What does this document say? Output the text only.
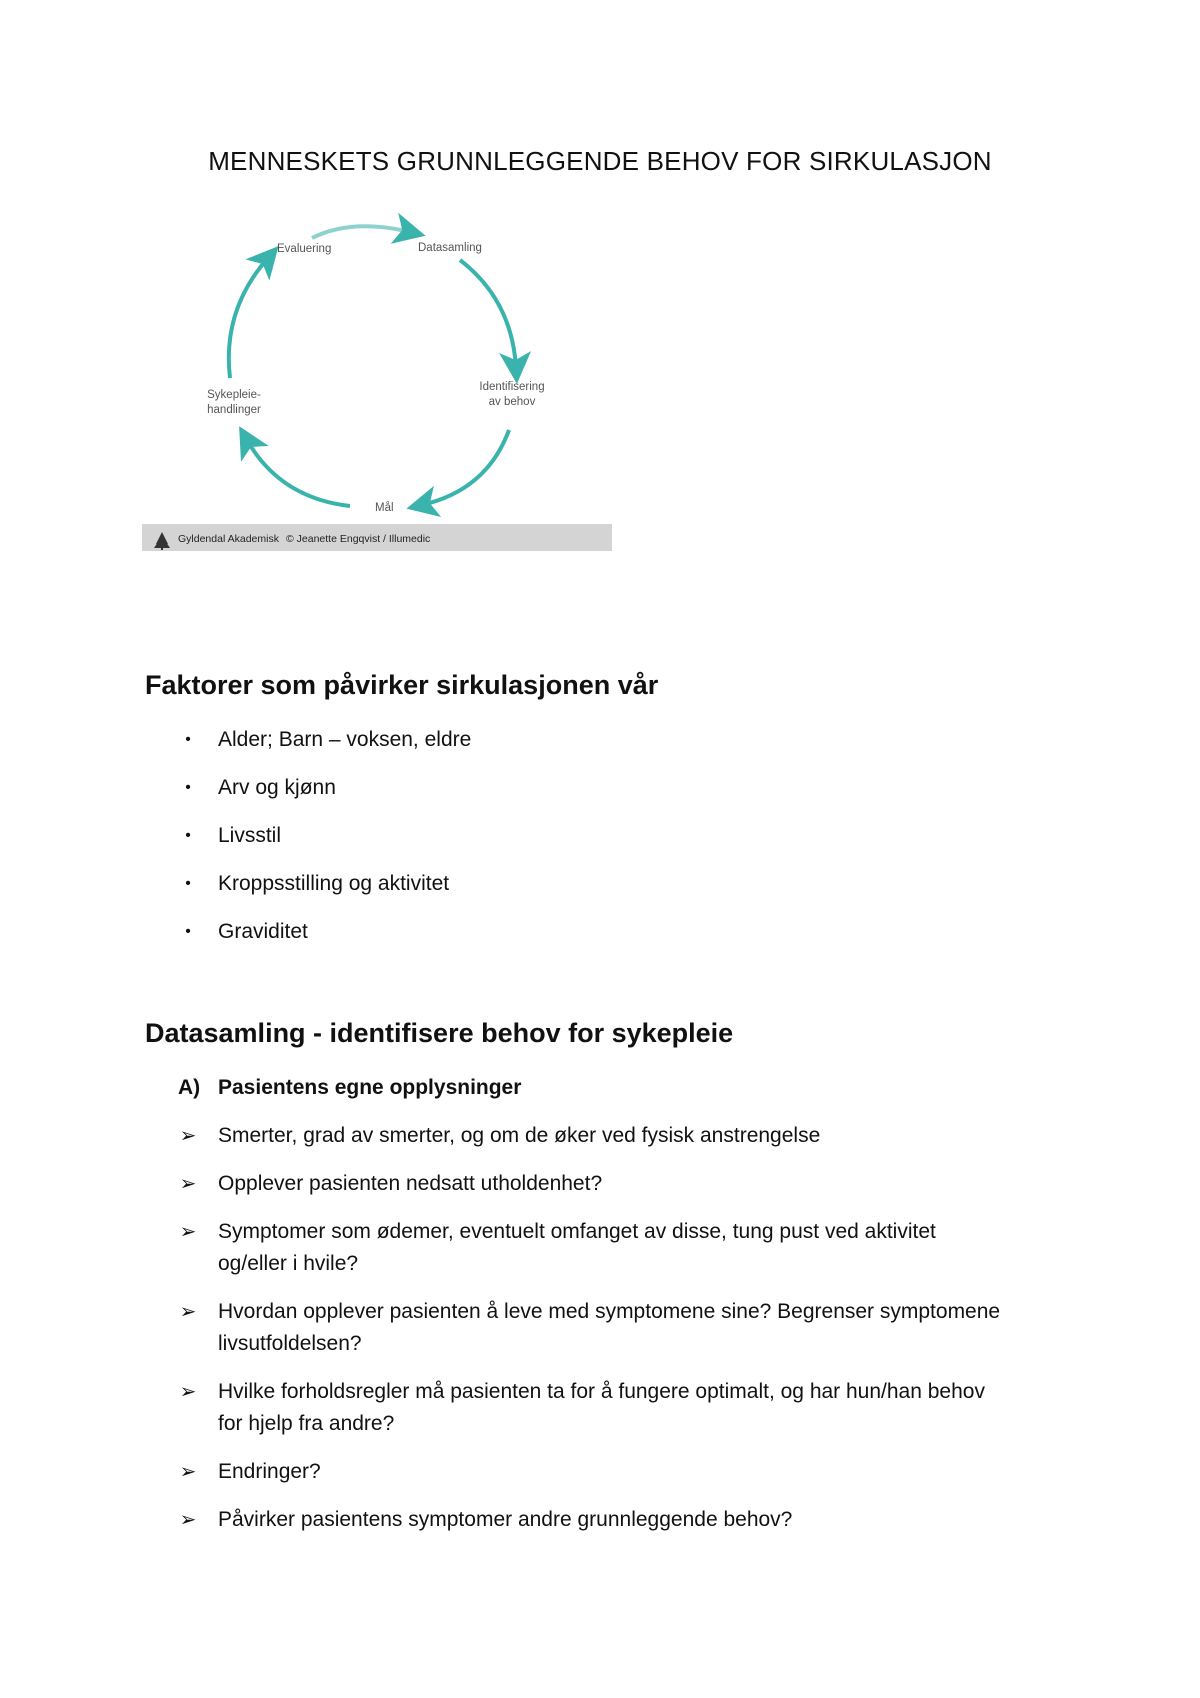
MENNESKETS GRUNNLEGGENDE BEHOV FOR SIRKULASJON
Evaluering	Datasamling
Identifisering
av behov
Sykepleie-
handlinger
Mål
Gyldendal Akademisk © Jeanette Engqvist / Illumedic
Faktorer som påvirker sirkulasjonen vår
•	Alder; Barn – voksen, eldre
•	Arv og kjønn
•	Livsstil
•	Kroppsstilling og aktivitet
•	Graviditet
Datasamling - identifisere behov for sykepleie
A) Pasientens egne opplysninger
➢ Smerter, grad av smerter, og om de øker ved fysisk anstrengelse
➢ Opplever pasienten nedsatt utholdenhet?
➢ Symptomer som ødemer, eventuelt omfanget av disse, tung pust ved aktivitet
og/eller i hvile?
➢ Hvordan opplever pasienten å leve med symptomene sine? Begrenser symptomene
livsutfoldelsen?
➢ Hvilke forholdsregler må pasienten ta for å fungere optimalt, og har hun/han behov
for hjelp fra andre?
➢ Endringer?
➢ Påvirker pasientens symptomer andre grunnleggende behov?
